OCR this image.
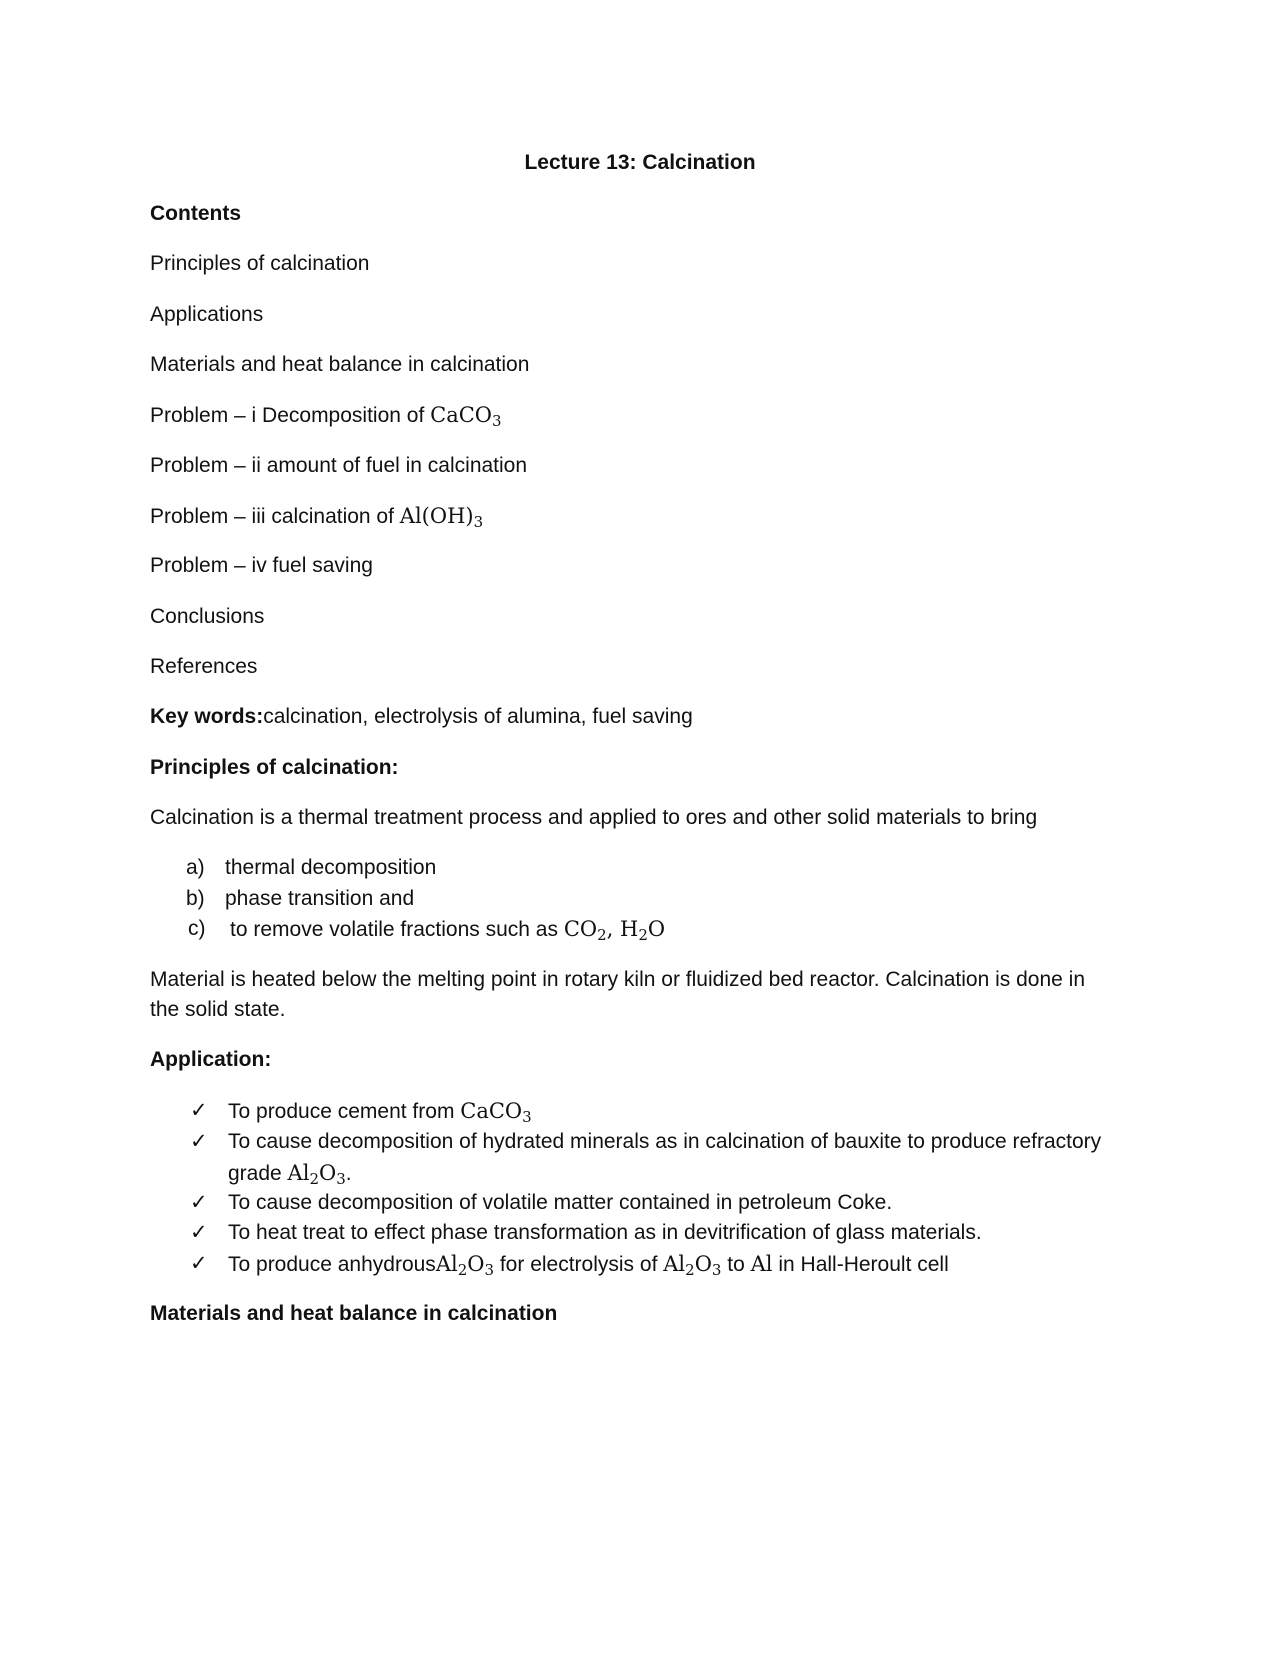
Lecture 13: Calcination
Contents
Principles of calcination
Applications
Materials and heat balance in calcination
Problem – i Decomposition of CaCO$_3$
Problem – ii amount of fuel in calcination
Problem – iii calcination of $Al(OH)_3$
Problem – iv fuel saving
Conclusions
References
Key words:calcination, electrolysis of alumina, fuel saving
Principles of calcination:
Calcination is a thermal treatment process and applied to ores and other solid materials to bring
a) thermal decomposition
b) phase transition and
c) to remove volatile fractions such as $CO_2$, $H_2O$
Material is heated below the melting point in rotary kiln or fluidized bed reactor. Calcination is done in
the solid state.
Application:
✓ To produce cement from CaCO$_3$
✓ To cause decomposition of hydrated minerals as in calcination of bauxite to produce refractory
grade $Al_2O_3$.
✓ To cause decomposition of volatile matter contained in petroleum Coke.
✓ To heat treat to effect phase transformation as in devitrification of glass materials.
✓ To produce $anhydrousAl_2O_3$ for electrolysis of $Al_2O_3$ to Al in Hall-Heroult cell
Materials and heat balance in calcination
